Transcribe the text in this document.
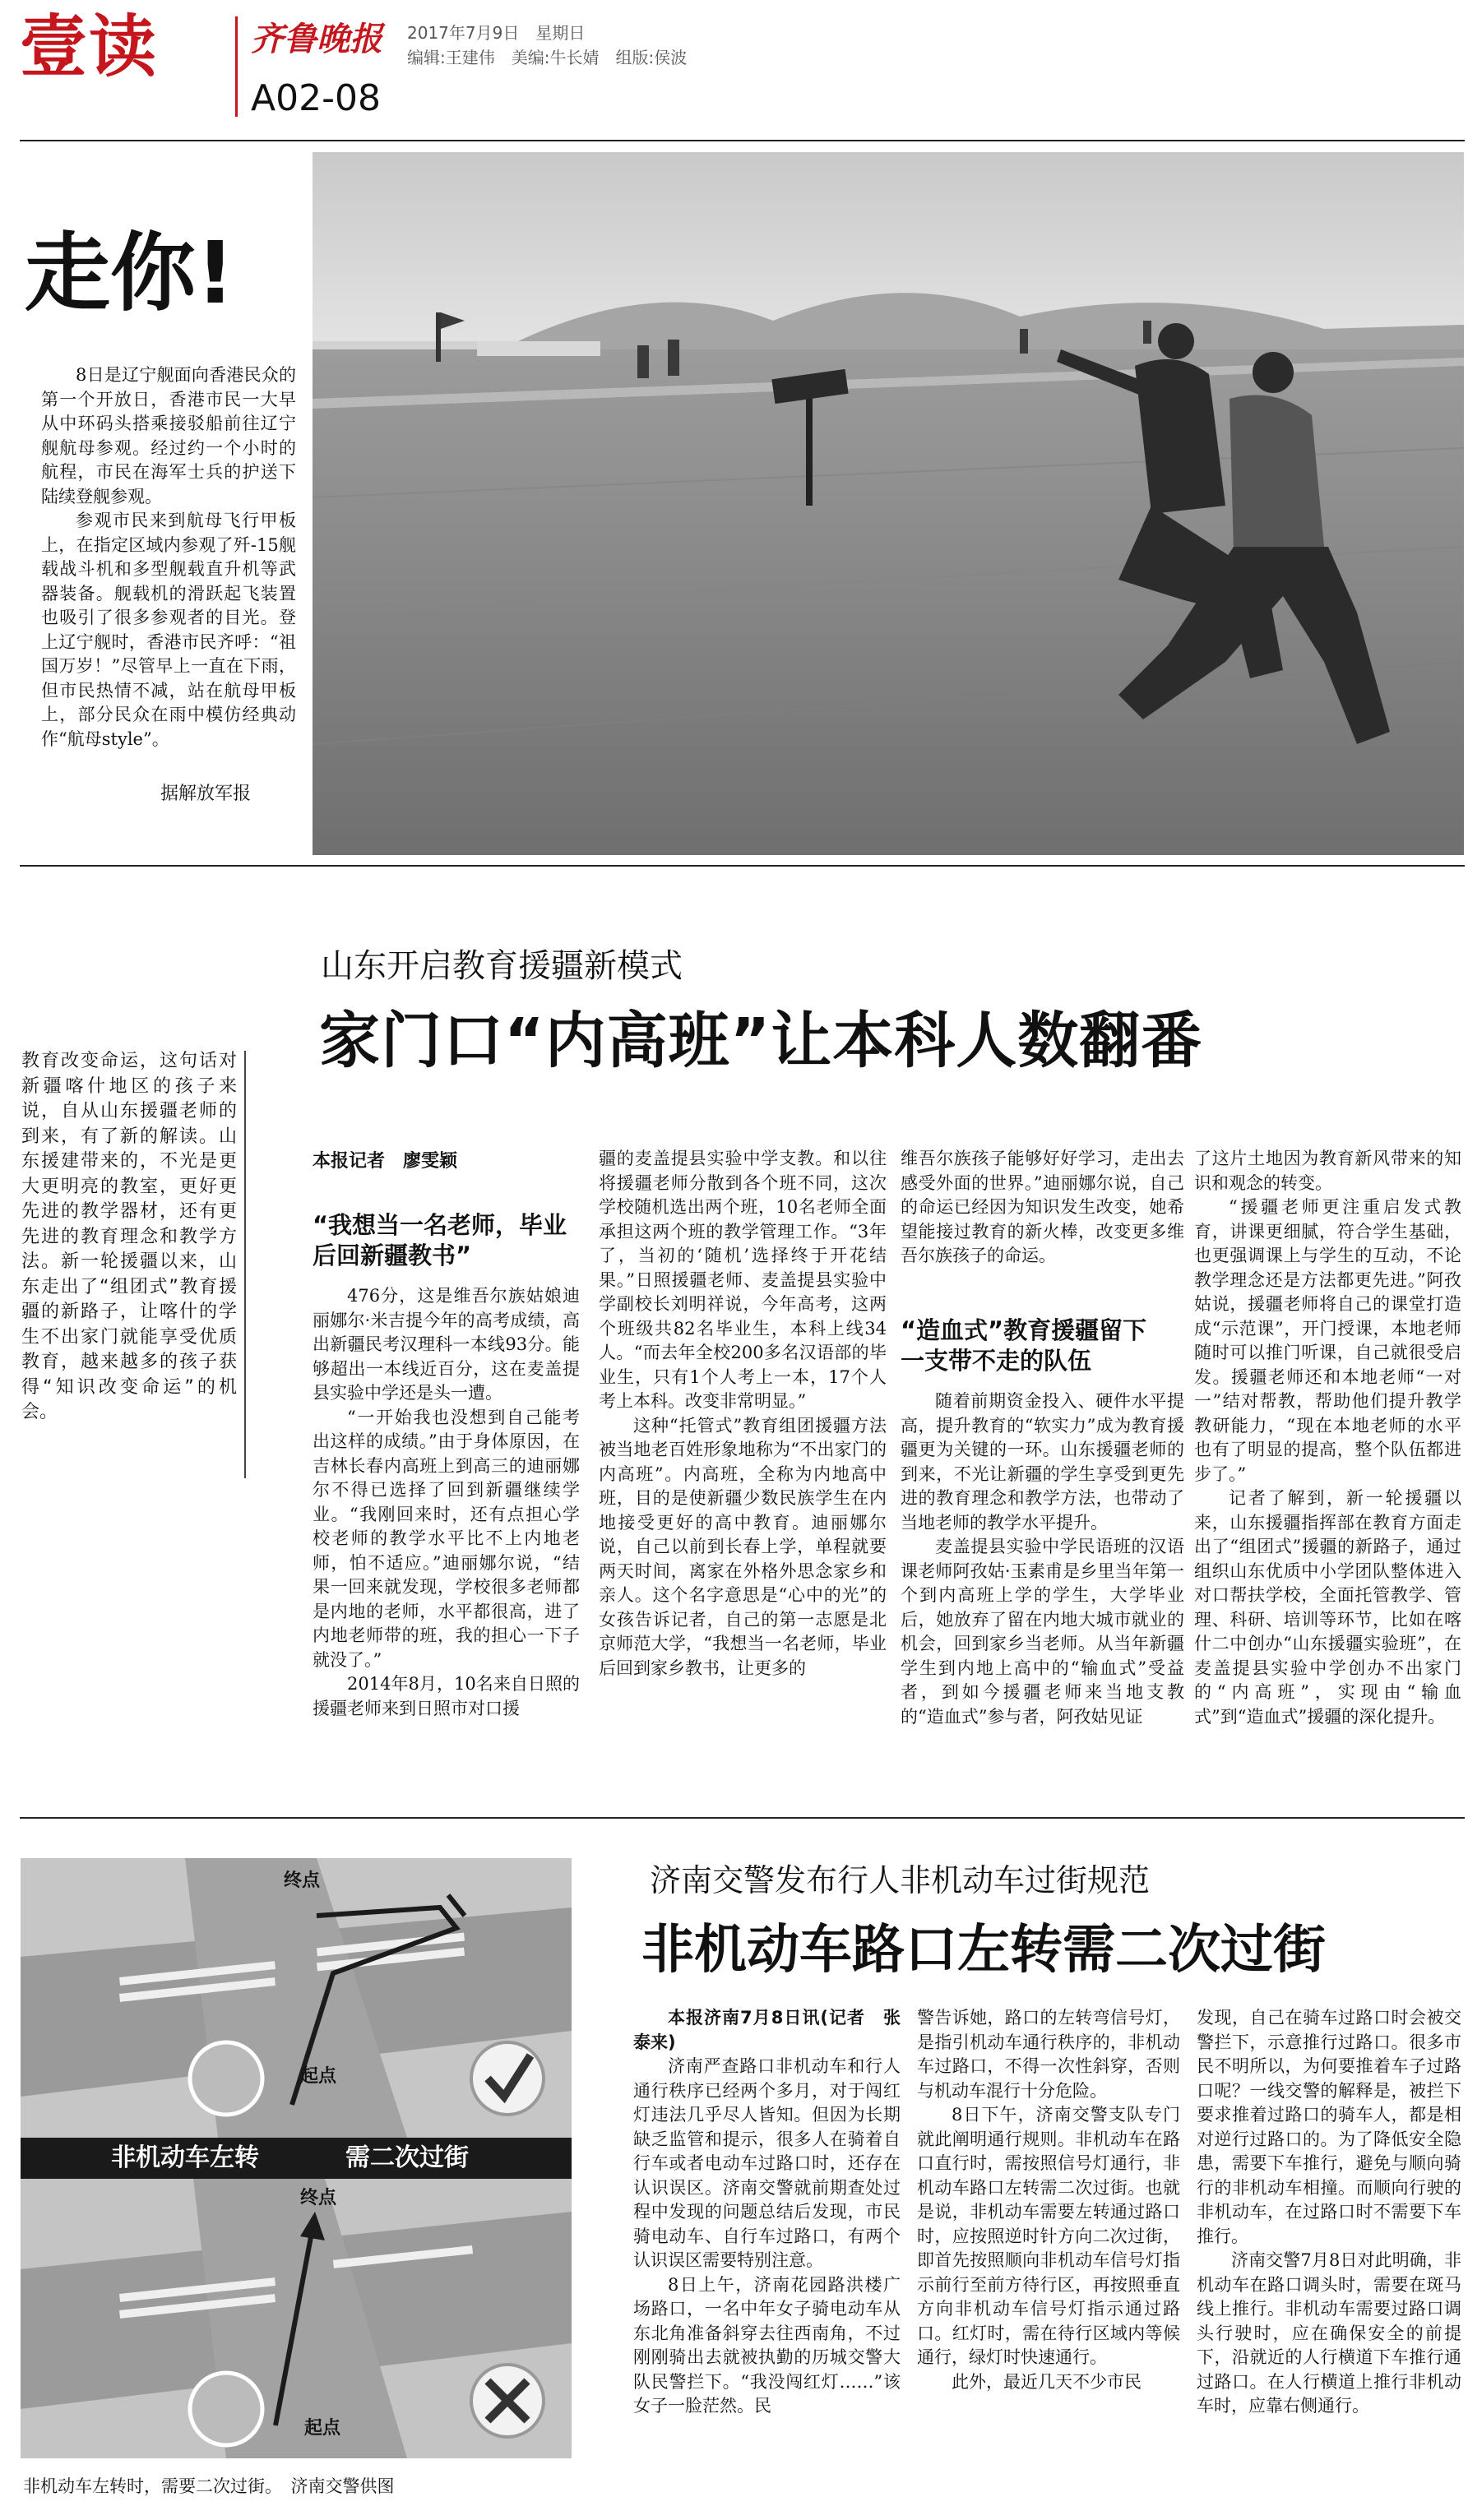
壹读	齐鲁晚报
A02-08
2017年7月9日　星期日
编辑:王建伟　美编:牛长婧　组版:侯波
走你!

8日是辽宁舰面向香港民众的第一个开放日，香港市民一大早从中环码头搭乘接驳船前往辽宁舰航母参观。经过约一个小时的航程，市民在海军士兵的护送下陆续登舰参观。

参观市民来到航母飞行甲板上，在指定区域内参观了歼-15舰载战斗机和多型舰载直升机等武器装备。舰载机的滑跃起飞装置也吸引了很多参观者的目光。登上辽宁舰时，香港市民齐呼：“祖国万岁！”尽管早上一直在下雨，但市民热情不减，站在航母甲板上，部分民众在雨中模仿经典动作“航母style”。

据解放军报
山东开启教育援疆新模式
家门口“内高班”让本科人数翻番
教育改变命运，这句话对新疆喀什地区的孩子来说，自从山东援疆老师的到来，有了新的解读。山东援建带来的，不光是更大更明亮的教室，更好更先进的教学器材，还有更先进的教育理念和教学方法。新一轮援疆以来，山东走出了“组团式”教育援疆的新路子，让喀什的学生不出家门就能享受优质教育，越来越多的孩子获得“知识改变命运”的机会。
本报记者　廖雯颖
“我想当一名老师，毕业后回新疆教书”

476分，这是维吾尔族姑娘迪丽娜尔·米吉提今年的高考成绩，高出新疆民考汉理科一本线93分。能够超出一本线近百分，这在麦盖提县实验中学还是头一遭。

“一开始我也没想到自己能考出这样的成绩。”由于身体原因，在吉林长春内高班上到高三的迪丽娜尔不得已选择了回到新疆继续学业。“我刚回来时，还有点担心学校老师的教学水平比不上内地老师，怕不适应。”迪丽娜尔说，“结果一回来就发现，学校很多老师都是内地的老师，水平都很高，进了内地老师带的班，我的担心一下子就没了。”

2014年8月，10名来自日照的援疆老师来到日照市对口援

疆的麦盖提县实验中学支教。和以往将援疆老师分散到各个班不同，这次学校随机选出两个班，10名老师全面承担这两个班的教学管理工作。“3年了，当初的‘随机’选择终于开花结果。”日照援疆老师、麦盖提县实验中学副校长刘明祥说，今年高考，这两个班级共82名毕业生，本科上线34人。“而去年全校200多名汉语部的毕业生，只有1个人考上一本，17个人考上本科。改变非常明显。”

这种“托管式”教育组团援疆方法被当地老百姓形象地称为“不出家门的内高班”。内高班，全称为内地高中班，目的是使新疆少数民族学生在内地接受更好的高中教育。迪丽娜尔说，自己以前到长春上学，单程就要两天时间，离家在外格外思念家乡和亲人。这个名字意思是“心中的光”的女孩告诉记者，自己的第一志愿是北京师范大学，“我想当一名老师，毕业后回到家乡教书，让更多的

维吾尔族孩子能够好好学习，走出去感受外面的世界。”迪丽娜尔说，自己的命运已经因为知识发生改变，她希望能接过教育的新火棒，改变更多维吾尔族孩子的命运。

“造血式”教育援疆留下一支带不走的队伍

随着前期资金投入、硬件水平提高，提升教育的“软实力”成为教育援疆更为关键的一环。山东援疆老师的到来，不光让新疆的学生享受到更先进的教育理念和教学方法，也带动了当地老师的教学水平提升。

麦盖提县实验中学民语班的汉语课老师阿孜姑·玉素甫是乡里当年第一个到内高班上学的学生，大学毕业后，她放弃了留在内地大城市就业的机会，回到家乡当老师。从当年新疆学生到内地上高中的“输血式”受益者，到如今援疆老师来当地支教的“造血式”参与者，阿孜姑见证

了这片土地因为教育新风带来的知识和观念的转变。

“援疆老师更注重启发式教育，讲课更细腻，符合学生基础，也更强调课上与学生的互动，不论教学理念还是方法都更先进。”阿孜姑说，援疆老师将自己的课堂打造成“示范课”，开门授课，本地老师随时可以推门听课，自己就很受启发。援疆老师还和本地老师“一对一”结对帮教，帮助他们提升教学教研能力，“现在本地老师的水平也有了明显的提高，整个队伍都进步了。”

记者了解到，新一轮援疆以来，山东援疆指挥部在教育方面走出了“组团式”援疆的新路子，通过组织山东优质中小学团队整体进入对口帮扶学校，全面托管教学、管理、科研、培训等环节，比如在喀什二中创办“山东援疆实验班”，在麦盖提县实验中学创办不出家门的“内高班”，实现由“输血式”到“造血式”援疆的深化提升。

终点
起点
非机动车左转	需二次过街
终点
起点
非机动车左转时，需要二次过街。　济南交警供图
济南交警发布行人非机动车过街规范
非机动车路口左转需二次过街

本报济南7月8日讯(记者　张泰来)

济南严查路口非机动车和行人通行秩序已经两个多月，对于闯红灯违法几乎尽人皆知。但因为长期缺乏监管和提示，很多人在骑着自行车或者电动车过路口时，还存在认识误区。济南交警就前期查处过程中发现的问题总结后发现，市民骑电动车、自行车过路口，有两个认识误区需要特别注意。

8日上午，济南花园路洪楼广场路口，一名中年女子骑电动车从东北角准备斜穿去往西南角，不过刚刚骑出去就被执勤的历城交警大队民警拦下。“我没闯红灯……”该女子一脸茫然。民

警告诉她，路口的左转弯信号灯，是指引机动车通行秩序的，非机动车过路口，不得一次性斜穿，否则与机动车混行十分危险。

8日下午，济南交警支队专门就此阐明通行规则。非机动车在路口直行时，需按照信号灯通行，非机动车路口左转需二次过街。也就是说，非机动车需要左转通过路口时，应按照逆时针方向二次过街，即首先按照顺向非机动车信号灯指示前行至前方待行区，再按照垂直方向非机动车信号灯指示通过路口。红灯时，需在待行区域内等候通行，绿灯时快速通行。

此外，最近几天不少市民

发现，自己在骑车过路口时会被交警拦下，示意推行过路口。很多市民不明所以，为何要推着车子过路口呢？一线交警的解释是，被拦下要求推着过路口的骑车人，都是相对逆行过路口的。为了降低安全隐患，需要下车推行，避免与顺向骑行的非机动车相撞。而顺向行驶的非机动车，在过路口时不需要下车推行。

济南交警7月8日对此明确，非机动车在路口调头时，需要在斑马线上推行。非机动车需要过路口调头行驶时，应在确保安全的前提下，沿就近的人行横道下车推行通过路口。在人行横道上推行非机动车时，应靠右侧通行。
